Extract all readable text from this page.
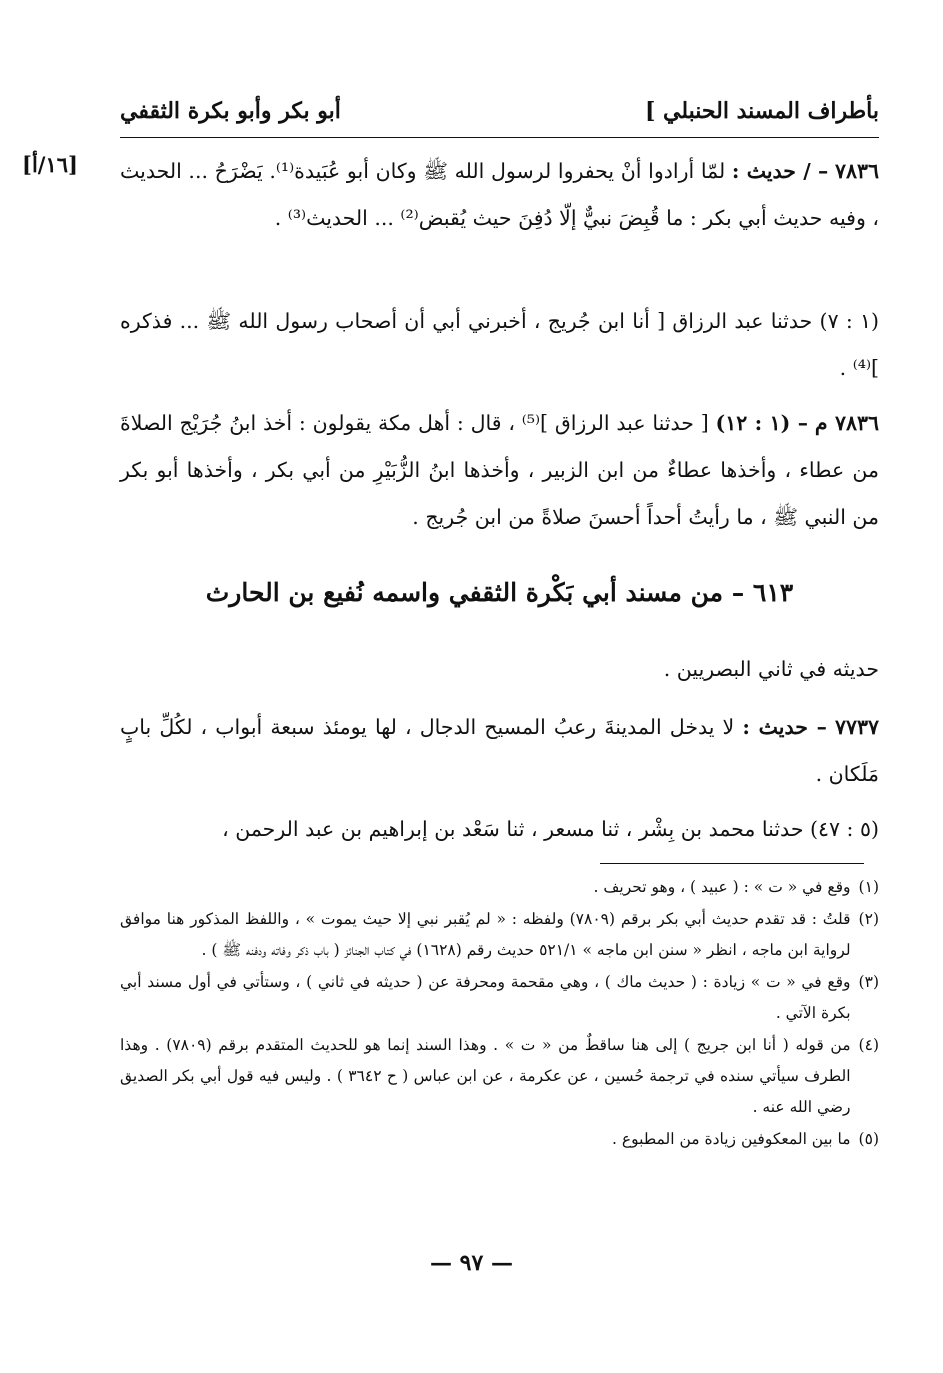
بأطراف المسند الحنبلي ]
أبو بكر وأبو بكرة الثقفي
[١٦/أ]	٧٨٣٦ – / حديث : لمّا أرادوا أنْ يحفروا لرسول الله ﷺ وكان أبو عُبَيدة⁽¹⁾. يَضْرَحُ ... الحديث ، وفيه حديث أبي بكر : ما قُبِضَ نبيٌّ إلّا دُفِنَ حيث يُقبض⁽²⁾ ... الحديث⁽³⁾ .

(١ : ٧) حدثنا عبد الرزاق [ أنا ابن جُريج ، أخبرني أبي أن أصحاب رسول الله ﷺ ... فذكره ]⁽⁴⁾ .

٧٨٣٦ م – (١ : ١٢) [ حدثنا عبد الرزاق ]⁽⁵⁾ ، قال : أهل مكة يقولون : أخذ ابنُ جُرَيْج الصلاةَ من عطاء ، وأخذها عطاءٌ من ابن الزبير ، وأخذها ابنُ الزُّبَيْرِ من أبي بكر ، وأخذها أبو بكر من النبي ﷺ ، ما رأيتُ أحداً أحسنَ صلاةً من ابن جُريج .

٦١٣ – من مسند أبي بَكْرة الثقفي واسمه نُفيع بن الحارث

حديثه في ثاني البصريين .

٧٧٣٧ – حديث : لا يدخل المدينةَ رعبُ المسيح الدجال ، لها يومئذ سبعة أبواب ، لكُلِّ بابٍ مَلَكان .

(٥ : ٤٧) حدثنا محمد بن بِشْر ، ثنا مسعر ، ثنا سَعْد بن إبراهيم بن عبد الرحمن ،

(١)
وقع في « ت » : ( عبيد ) ، وهو تحريف .
(٢)
قلتُ : قد تقدم حديث أبي بكر برقم (٧٨٠٩) ولفظه : « لم يُقبر نبي إلا حيث يموت » ، واللفظ المذكور هنا موافق لرواية ابن ماجه ، انظر « سنن ابن ماجه » ٥٢١/١ حديث رقم (١٦٢٨) في كتاب الجنائز ( باب ذكر وفاته ودفنه ﷺ ) .
(٣)
وقع في « ت » زيادة : ( حديث ماك ) ، وهي مقحمة ومحرفة عن ( حديثه في ثاني ) ، وستأتي في أول مسند أبي بكرة الآتي .
(٤)
من قوله ( أنا ابن جريج ) إلى هنا ساقطٌ من « ت » . وهذا السند إنما هو للحديث المتقدم برقم (٧٨٠٩) . وهذا الطرف سيأتي سنده في ترجمة حُسين ، عن عكرمة ، عن ابن عباس ( ح ٣٦٤٢ ) . وليس فيه قول أبي بكر الصديق رضي الله عنه .
(٥)
ما بين المعكوفين زيادة من المطبوع .
— ٩٧ —
